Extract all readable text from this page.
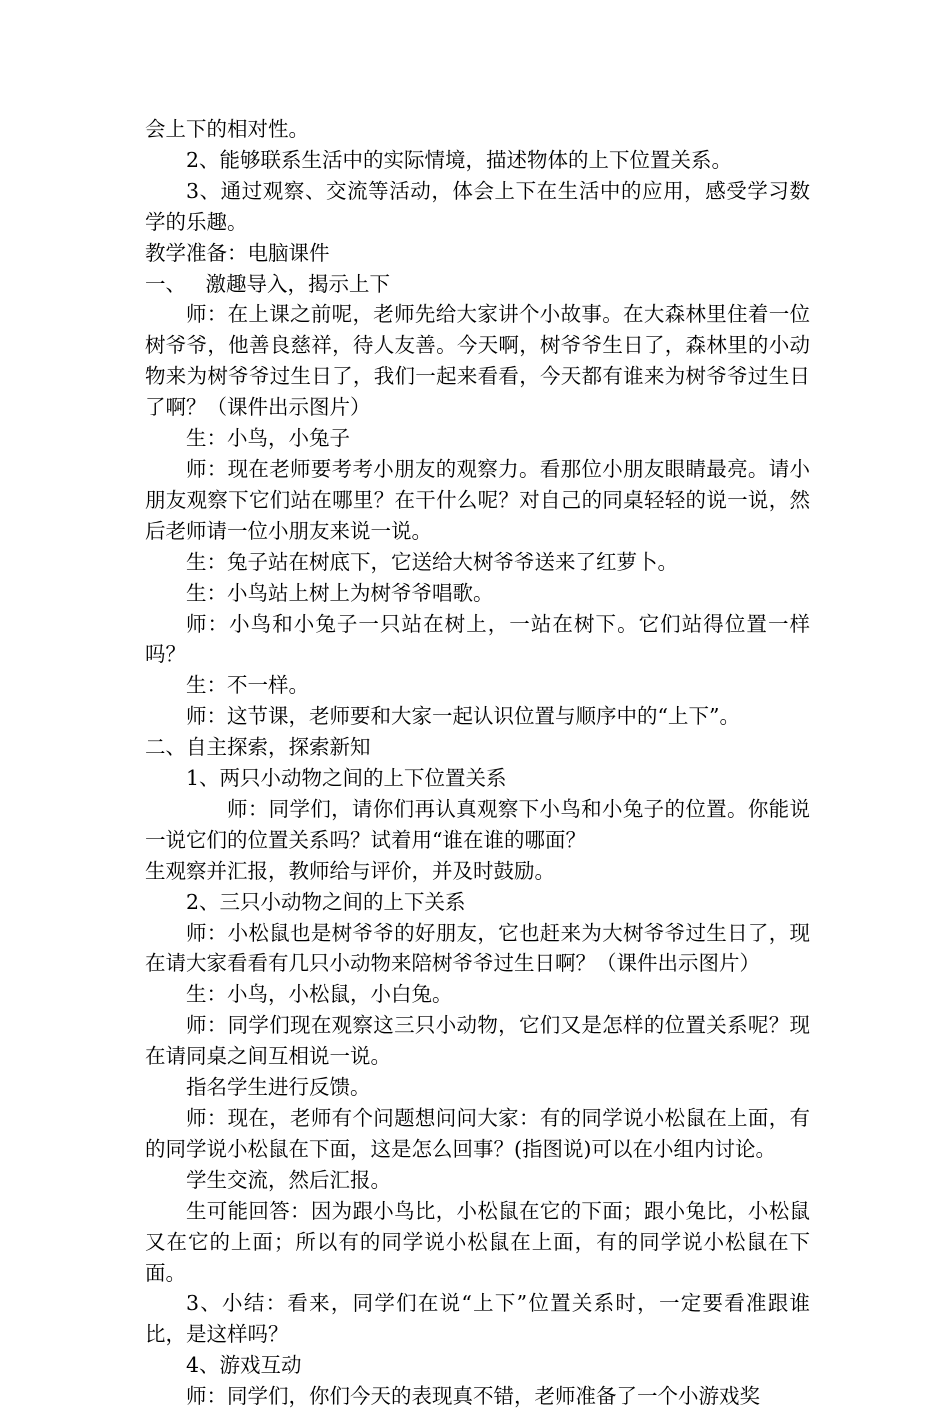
会上下的相对性。

2、能够联系生活中的实际情境，描述物体的上下位置关系。

3、通过观察、交流等活动，体会上下在生活中的应用，感受学习数学的乐趣。

教学准备：电脑课件

一、   激趣导入，揭示上下

师：在上课之前呢，老师先给大家讲个小故事。在大森林里住着一位树爷爷，他善良慈祥，待人友善。今天啊，树爷爷生日了，森林里的小动物来为树爷爷过生日了，我们一起来看看，今天都有谁来为树爷爷过生日了啊？（课件出示图片）

生：小鸟，小兔子

师：现在老师要考考小朋友的观察力。看那位小朋友眼睛最亮。请小朋友观察下它们站在哪里？在干什么呢？对自己的同桌轻轻的说一说，然后老师请一位小朋友来说一说。

生：兔子站在树底下，它送给大树爷爷送来了红萝卜。

生：小鸟站上树上为树爷爷唱歌。

师：小鸟和小兔子一只站在树上，一站在树下。它们站得位置一样吗？

生：不一样。

师：这节课，老师要和大家一起认识位置与顺序中的“上下”。

二、自主探索，探索新知

1、两只小动物之间的上下位置关系

师：同学们，请你们再认真观察下小鸟和小兔子的位置。你能说一说它们的位置关系吗？试着用“谁在谁的哪面？

生观察并汇报，教师给与评价，并及时鼓励。

2、三只小动物之间的上下关系

师：小松鼠也是树爷爷的好朋友，它也赶来为大树爷爷过生日了，现在请大家看看有几只小动物来陪树爷爷过生日啊？（课件出示图片）

生：小鸟，小松鼠，小白兔。

师：同学们现在观察这三只小动物，它们又是怎样的位置关系呢？现在请同桌之间互相说一说。

指名学生进行反馈。

师：现在，老师有个问题想问问大家：有的同学说小松鼠在上面，有的同学说小松鼠在下面，这是怎么回事？(指图说)可以在小组内讨论。

学生交流，然后汇报。

生可能回答：因为跟小鸟比，小松鼠在它的下面；跟小兔比，小松鼠又在它的上面；所以有的同学说小松鼠在上面，有的同学说小松鼠在下面。

3、小结：看来，同学们在说“上下”位置关系时，一定要看准跟谁比，是这样吗？

4、游戏互动

师：同学们，你们今天的表现真不错，老师准备了一个小游戏奖
